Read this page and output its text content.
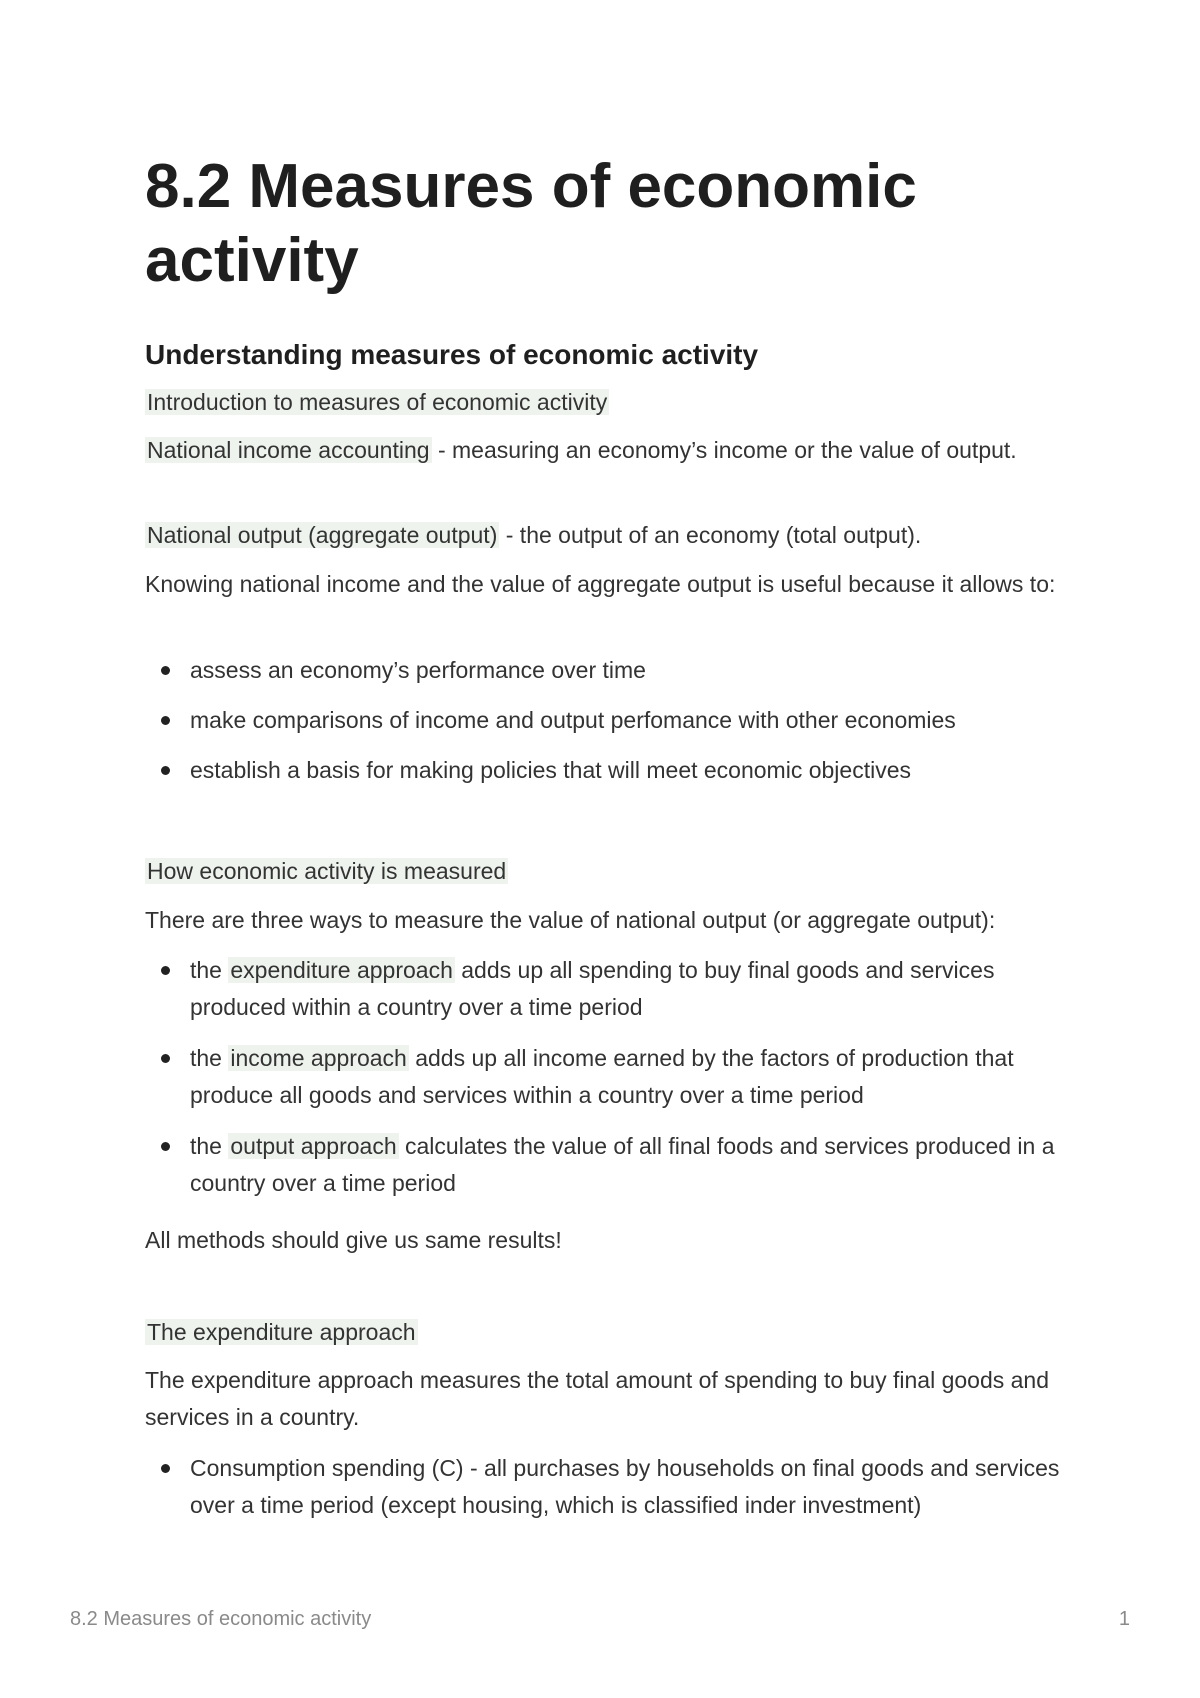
8.2 Measures of economic activity
Understanding measures of economic activity
Introduction to measures of economic activity

National income accounting - measuring an economy’s income or the value of output.

National output (aggregate output) - the output of an economy (total output).

Knowing national income and the value of aggregate output is useful because it allows to:

assess an economy’s performance over time
make comparisons of income and output perfomance with other economies
establish a basis for making policies that will meet economic objectives
How economic activity is measured

There are three ways to measure the value of national output (or aggregate output):

the expenditure approach adds up all spending to buy final goods and services produced within a country over a time period
the income approach adds up all income earned by the factors of production that produce all goods and services within a country over a time period
the output approach calculates the value of all final foods and services produced in a country over a time period

All methods should give us same results!

The expenditure approach

The expenditure approach measures the total amount of spending to buy final goods and services in a country.

Consumption spending (C) - all purchases by households on final goods and services over a time period (except housing, which is classified inder investment)
8.2 Measures of economic activity	1
